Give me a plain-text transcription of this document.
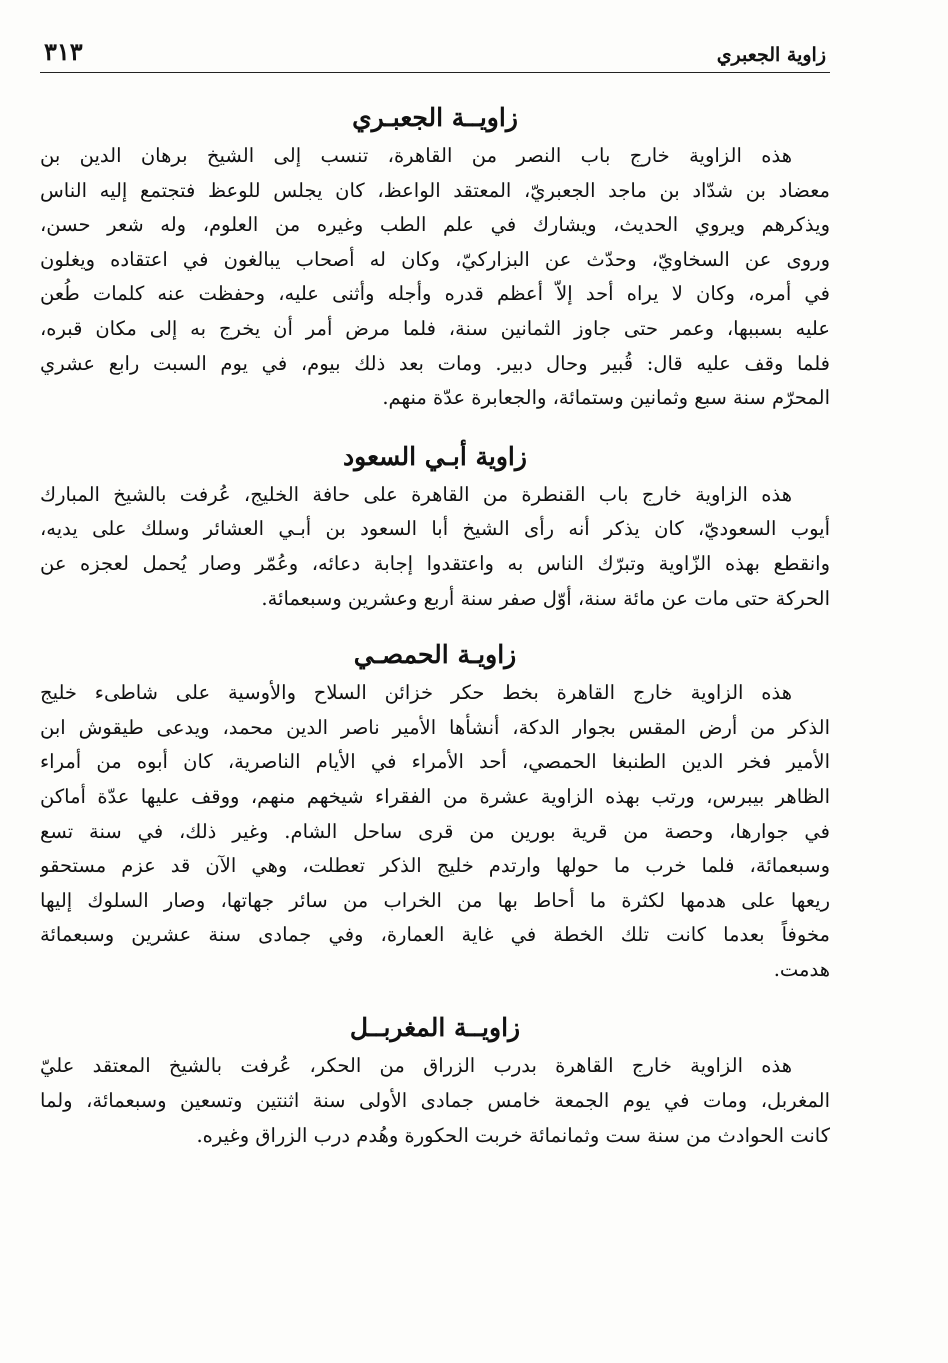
زاوية الجعبري
٣١٣
زاويــة الجعبـري
هذه الزاوية خارج باب النصر من القاهرة، تنسب إلى الشيخ برهان الدين بن
معضاد بن شدّاد بن ماجد الجعبريّ، المعتقد الواعظ، كان يجلس للوعظ فتجتمع إليه الناس
ويذكرهم ويروي الحديث، ويشارك في علم الطب وغيره من العلوم، وله شعر حسن،
وروى عن السخاويّ، وحدّث عن البزاركيّ، وكان له أصحاب يبالغون في اعتقاده ويغلون
في أمره، وكان لا يراه أحد إلاّ أعظم قدره وأجله وأثنى عليه، وحفظت عنه كلمات طُعن
عليه بسببها، وعمر حتى جاوز الثمانين سنة، فلما مرض أمر أن يخرج به إلى مكان قبره،
فلما وقف عليه قال: قُبير وحال دبير. ومات بعد ذلك بيوم، في يوم السبت رابع عشري
المحرّم سنة سبع وثمانين وستمائة، والجعابرة عدّة منهم.
زاوية أبـي السعود
هذه الزاوية خارج باب القنطرة من القاهرة على حافة الخليج، عُرفت بالشيخ المبارك
أيوب السعوديّ، كان يذكر أنه رأى الشيخ أبا السعود بن أبـي العشائر وسلك على يديه،
وانقطع بهذه الزّاوية وتبرّك الناس به واعتقدوا إجابة دعائه، وعُمّر وصار يُحمل لعجزه عن
الحركة حتى مات عن مائة سنة، أوّل صفر سنة أربع وعشرين وسبعمائة.
زاويـة الحمصـي
هذه الزاوية خارج القاهرة بخط حكر خزائن السلاح والأوسية على شاطىء خليج
الذكر من أرض المقس بجوار الدكة، أنشأها الأمير ناصر الدين محمد، ويدعى طيقوش ابن
الأمير فخر الدين الطنبغا الحمصي، أحد الأمراء في الأيام الناصرية، كان أبوه من أمراء
الظاهر بيبرس، ورتب بهذه الزاوية عشرة من الفقراء شيخهم منهم، ووقف عليها عدّة أماكن
في جوارها، وحصة من قرية بورين من قرى ساحل الشام. وغير ذلك، في سنة تسع
وسبعمائة، فلما خرب ما حولها وارتدم خليج الذكر تعطلت، وهي الآن قد عزم مستحقو
ريعها على هدمها لكثرة ما أحاط بها من الخراب من سائر جهاتها، وصار السلوك إليها
مخوفاً بعدما كانت تلك الخطة في غاية العمارة، وفي جمادى سنة عشرين وسبعمائة
هدمت.
زاويــة المغربــل
هذه الزاوية خارج القاهرة بدرب الزراق من الحكر، عُرفت بالشيخ المعتقد عليّ
المغربل، ومات في يوم الجمعة خامس جمادى الأولى سنة اثنتين وتسعين وسبعمائة، ولما
كانت الحوادث من سنة ست وثمانمائة خربت الحكورة وهُدم درب الزراق وغيره.
